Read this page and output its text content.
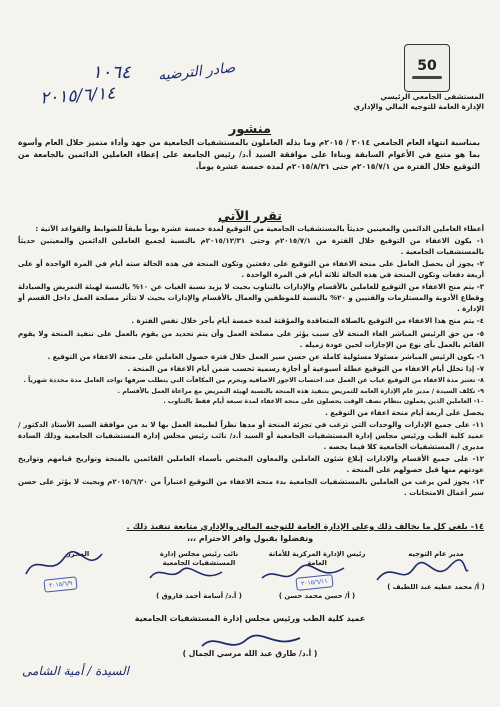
50
المستشفى الجامعي الرئيسي
الإدارة العامة للتوجيه المالي والإداري
١٠٦٤ صادر الترضيه
٢٠١٥/٦/١٤
منشور
بمناسبة انتهاء العام الجامعي ٢٠١٤ / ٢٠١٥م وما بذله العاملون بالمستشفيات الجامعية من جهد وأداء متميز خلال العام وأسوة بما هو متبع في الأعوام السابقة وبناءا على موافقة السيد أ.د/ رئيس الجامعة على إعطاء العاملين الدائمين بالجامعة من التوقيع خلال الفترة من ٢٠١٥/٧/١م حتى ٢٠١٥/٨/٣١م لمدة خمسة عشرة يوماً.
تقرر الآتي
أعطاء العاملين الدائمين والمعينين حديثاً بالمستشفيات الجامعية من التوقيع لمدة خمسة عشرة يوماً طبقاً للضوابط والقواعد الآتية :
١- يكون الاعفاء من التوقيع خلال الفترة من ٢٠١٥/٧/١م وحتى ٢٠١٥/١٢/٣١م بالنسبة لجميع العاملين الدائمين والمعينين حديثاً بالمستشفيات الجامعية .
٢- يجوز أن يحصل العامل على منحة الاعفاء من التوقيع على دفعتين وتكون المنحة في هذه الحالة سته أيام في المرة الواحدة أو على أربعة دفعات وتكون المنحة في هذه الحالة ثلاثة أيام في المرة الواحدة .
٣- يتم منح الاعفاء من التوقيع للعاملين بالأقسام والإدارات بالتناوب بحيث لا يزيد نسبة الغياب عن ١٠% بالنسبة لهيئة التمريض والصيادلة وقطاع الأدوية والمستلزمات والفنيين و ٢٠% بالنسبة للموظفين والعمال بالأقسام والإدارات بحيث لا تتأثر مصلحة العمل داخل القسم أو الإدارة .
٤- يتم منح هذا الاعفاء من التوقيع بالصلاة المتعاقدة والمؤقتة لمدة خمسة أيام بأجر خلال نفس الفترة .
٥- من حق الرئيس المباشر الغاء المنحة لأى سبب يؤثر على مصلحة العمل وأن يتم تحديد من يقوم بالعمل على تنفيذ المنحة ولا يقوم القائم بالعمل بأى نوع من الإجازات لحين عودة زميله .
٦- يكون الرئيس المباشر مسئولا مسئولية كاملة عن حسن سير العمل خلال فترة حصول العاملين على منحة الاعفاء من التوقيع .
٧- إذا تخلل أيام الاعفاء من التوقيع عطلة أسبوعية أو أجازة رسمية تحسب ضمن أيام الاعفاء من المنحة .
٨- تعتبر مدة الاعفاء من التوقيع غياب عن العمل عند احتساب الاجور الاضافية ويحرم من المكافآت التي يتطلب صرفها تواجد العامل مدة محددة شهرياً .
٩- تكلف السيدة / مدير عام الإدارة العامة للتمريض بتنفيذ هذه المنحة بالنسبة لهيئة التمريض مع مراعاة العمل بالأقسام .
١٠- العاملين الذين يعملون بنظام نصف الوقت يحصلون على منحة الاعفاء لمدة سبعة أيام فقط بالتناوب .
يحصل على أربعة أيام منحة اعفاء من التوقيع .
١١- على جميع الإدارات والوحدات التي ترغب في تجزئة المنحة أو مدها نظراً لطبيعة العمل بها لا بد من موافقة السيد الأستاذ الدكتور / عميد كلية الطب ورئيس مجلس إدارة المستشفيات الجامعية أو السيد أ.د/ نائب رئيس مجلس إدارة المستشفيات الجامعية وذلك السادة مديرى / المستشفيات الجامعية كلا فيما يخصه .
١٢- على جميع الأقسام والإدارات إبلاغ شئون العاملين والمعاون المختص بأسماء العاملين القائمين بالمنحة وتواريخ قيامهم وتواريخ عودتهم منها قبل حصولهم على المنحة .
١٣- يجوز لمن يرغب من العاملين بالمستشفيات الجامعية بدء منحة الاعفاء من التوقيع اعتباراً من ٢٠١٥/٦/٢٠م وبحيث لا يؤثر على حسن سير أعمال الامتحانات .
١٤- يلغى كل ما يخالف ذلك وعلى الإدارة العامة للتوجيه المالي والإداري متابعة تنفيذ ذلك .
وتفضلوا بقبول وافر الاحترام ،،،
مدير عام التوجيه
( أ/ محمد عطيه عبد اللطيف )
رئيس الإدارة المركزية للأمانة العامة
( أ/ حسن محمد حسن )
نائب رئيس مجلس إدارة المستشفيات الجامعية
( أ.د/ أسامة أحمد فاروق )
المحرر
٢٠١٥/٦/١١
٢٠١٥/٦/٩
عميد كلية الطب ورئيس مجلس إدارة المستشفيات الجامعية
( أ.د/ طارق عبد الله مرسي الجمال )
السيدة / أمية الشامى
